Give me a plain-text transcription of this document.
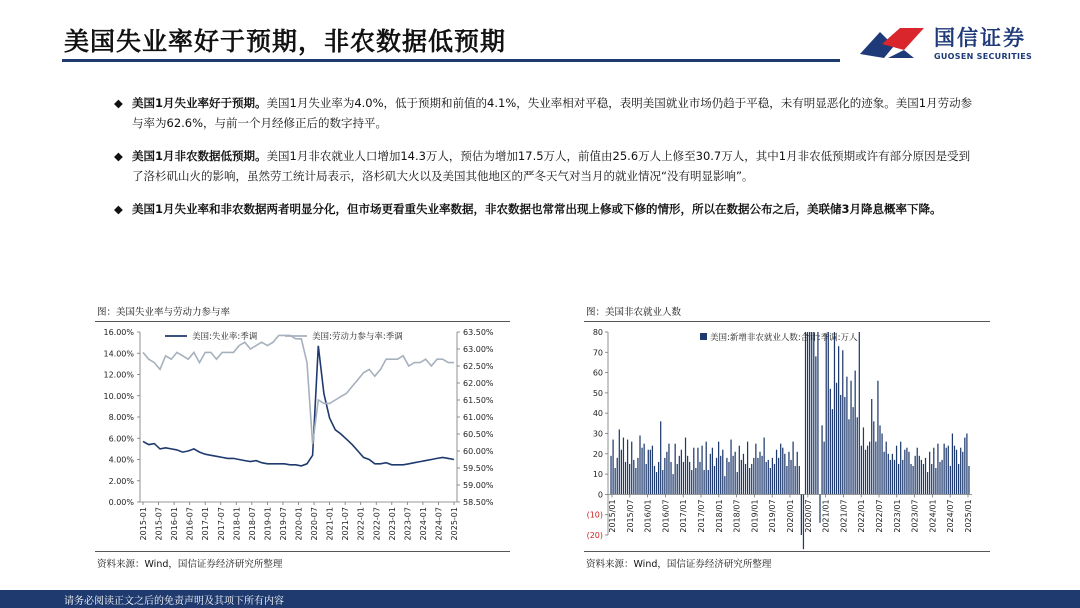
美国失业率好于预期，非农数据低预期	国信证券
GUOSEN SECURITIES
◆ 美国1月失业率好于预期。美国1月失业率为4.0%，低于预期和前值的4.1%，失业率相对平稳，表明美国就业市场仍趋于平稳，未有明显恶化的迹象。美国1月劳动参与率为62.6%，与前一个月经修正后的数字持平。
◆ 美国1月非农数据低预期。美国1月非农就业人口增加14.3万人，预估为增加17.5万人，前值由25.6万人上修至30.7万人，其中1月非农低预期或许有部分原因是受到了洛杉矶山火的影响，虽然劳工统计局表示，洛杉矶大火以及美国其他地区的严冬天气对当月的就业情况“没有明显影响”。
◆ 美国1月失业率和非农数据两者明显分化，但市场更看重失业率数据，非农数据也常常出现上修或下修的情形，所以在数据公布之后，美联储3月降息概率下降。
图：美国失业率与劳动力参与率
0.00%
2.00%
4.00%
6.00%
8.00%
10.00%
12.00%
14.00%
16.00%
58.50%
59.00%
59.50%
60.00%
60.50%
61.00%
61.50%
62.00%
62.50%
63.00%
63.50%
2015-01 2015-07 2016-01 2016-07 2017-01 2017-07 2018-01 2018-07 2019-01 2019-07 2020-01 2020-07 2021-01 2021-07 2022-01 2022-07 2023-01 2023-07 2024-01 2024-07 2025-01
美国:失业率:季调	美国:劳动力参与率:季调
资料来源：Wind，国信证券经济研究所整理
图：美国非农就业人数
(20)
(10)
0
10
20
30
40
50
60
70
80
2015/01 2015/07 2016/01 2016/07 2017/01 2017/07 2018/01 2018/07 2019/01 2019/07 2020/01 2020/07 2021/01 2021/07 2022/01 2022/07 2023/01 2023/07 2024/01 2024/07 2025/01
美国:新增非农就业人数:合计:季调:万人
资料来源：Wind，国信证券经济研究所整理
请务必阅读正文之后的免责声明及其项下所有内容
